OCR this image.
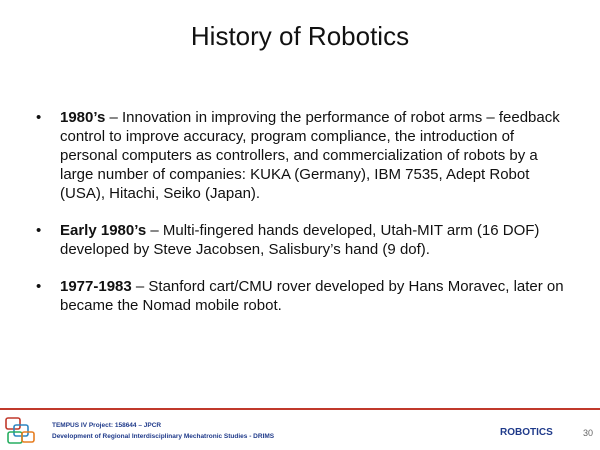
History of Robotics
• 1980’s – Innovation in improving the performance of robot arms – feedback control to improve accuracy, program compliance, the introduction of personal computers as controllers, and commercialization of robots by a large number of companies: KUKA (Germany), IBM 7535, Adept Robot (USA), Hitachi, Seiko (Japan).
• Early 1980’s – Multi-fingered hands developed, Utah-MIT arm (16 DOF) developed by Steve Jacobsen, Salisbury’s hand (9 dof).
• 1977-1983 – Stanford cart/CMU rover developed by Hans Moravec, later on became the Nomad mobile robot.
TEMPUS IV Project: 158644 – JPCR
Development of Regional Interdisciplinary Mechatronic Studies - DRIMS	ROBOTICS	30
